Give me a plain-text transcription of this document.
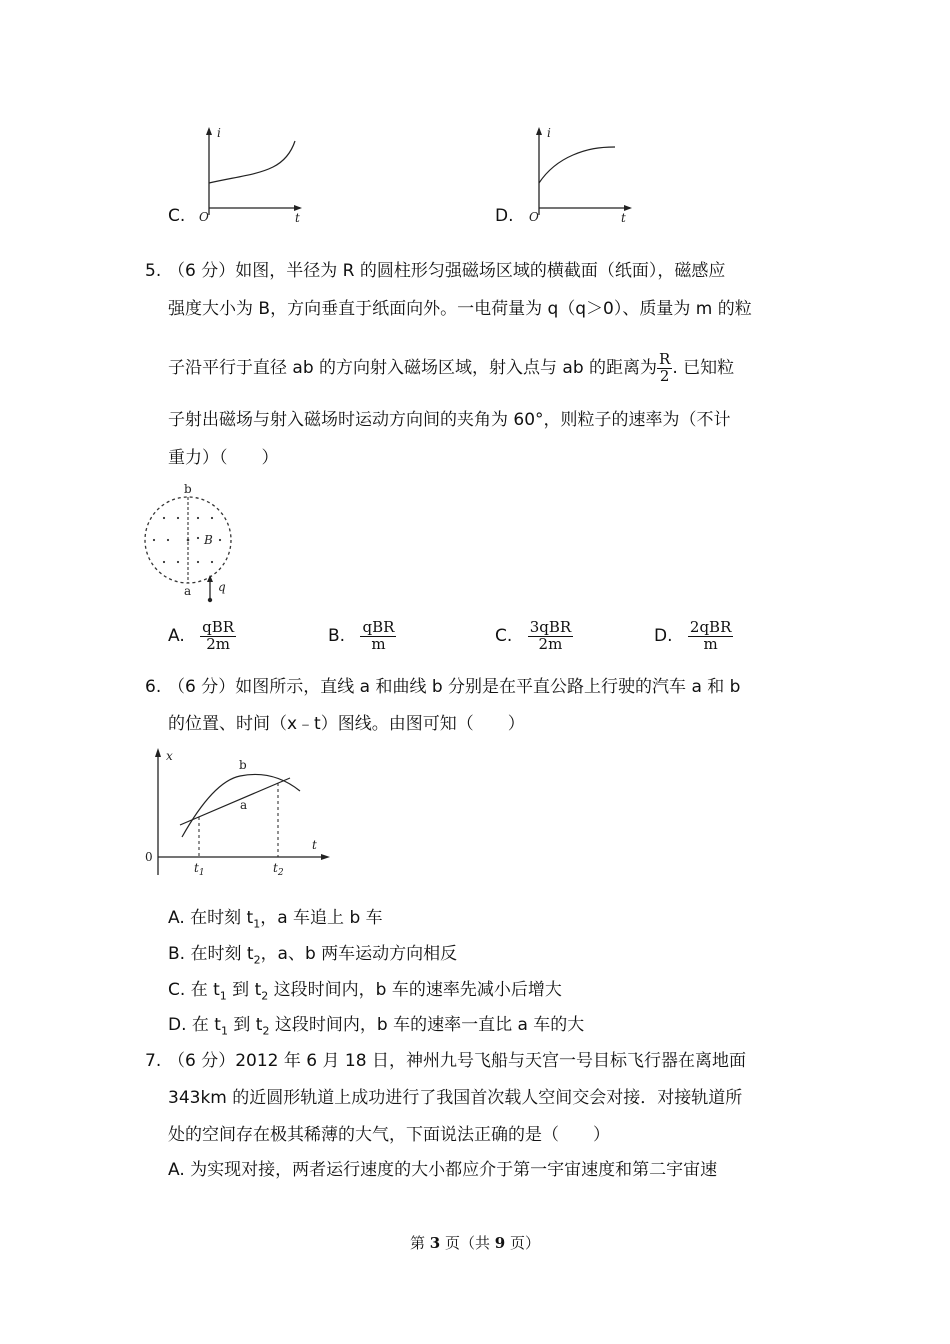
C.
i
O	t	D.
i
O	t
5. （6 分）如图，半径为 R 的圆柱形匀强磁场区域的横截面（纸面），磁感应
强度大小为 B，方向垂直于纸面向外。一电荷量为 q（q＞0）、质量为 m 的粒
子沿平行于直径 ab 的方向射入磁场区域，射入点与 ab 的距离为 $\frac{R}{2}$ . 已知粒
子射出磁场与射入磁场时运动方向间的夹角为 60°，则粒子的速率为（不计
重力）（　　）
b
a
B
q
A. $\frac{\text{qBR}}{2m}$	B. $\frac{\text{qBR}}{m}$	C. $\frac{\text{3qBR}}{2m}$	D. $\frac{\text{2qBR}}{m}$
6. （6 分）如图所示，直线 a 和曲线 b 分别是在平直公路上行驶的汽车 a 和 b
的位置、时间（x﹣t）图线。由图可知（　　）
x
0
t
b
a
$t_1$	$t_2$
A. 在时刻 $t_1$，a 车追上 b 车
B. 在时刻 $t_2$，a、b 两车运动方向相反
C. 在 $t_1$ 到 $t_2$ 这段时间内，b 车的速率先减小后增大
D. 在 $t_1$ 到 $t_2$ 这段时间内，b 车的速率一直比 a 车的大
7. （6 分）2012 年 6 月 18 日，神州九号飞船与天宫一号目标飞行器在离地面
343km 的近圆形轨道上成功进行了我国首次载人空间交会对接．对接轨道所
处的空间存在极其稀薄的大气，下面说法正确的是（　　）
A. 为实现对接，两者运行速度的大小都应介于第一宇宙速度和第二宇宙速
第 3 页（共 9 页）
